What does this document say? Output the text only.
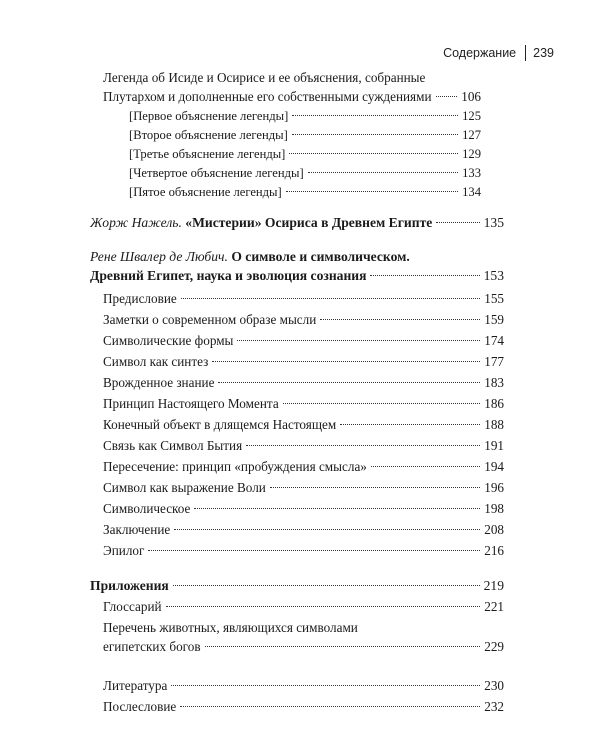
Содержание 239
Легенда об Исиде и Осирисе и ее объяснения, собранные
Плутархом и дополненные его собственными суждениями 106
[Первое объяснение легенды]	125
[Второе объяснение легенды]	127
[Третье объяснение легенды]	129
[Четвертое объяснение легенды]	133
[Пятое объяснение легенды]	134
Жорж Нажель. «Мистерии» Осириса в Древнем Египте	135
Рене Швалер де Любич. О символе и символическом.
Древний Египет, наука и эволюция сознания	153
Предисловие	155
Заметки о современном образе мысли	159
Символические формы	174
Символ как синтез	177
Врожденное знание	183
Принцип Настоящего Момента	186
Конечный объект в длящемся Настоящем	188
Связь как Символ Бытия	191
Пересечение: принцип «пробуждения смысла»	194
Символ как выражение Воли	196
Символическое	198
Заключение	208
Эпилог	216
Приложения	219
Глоссарий	221
Перечень животных, являющихся символами
египетских богов	229
Литература	230
Послесловие	232
